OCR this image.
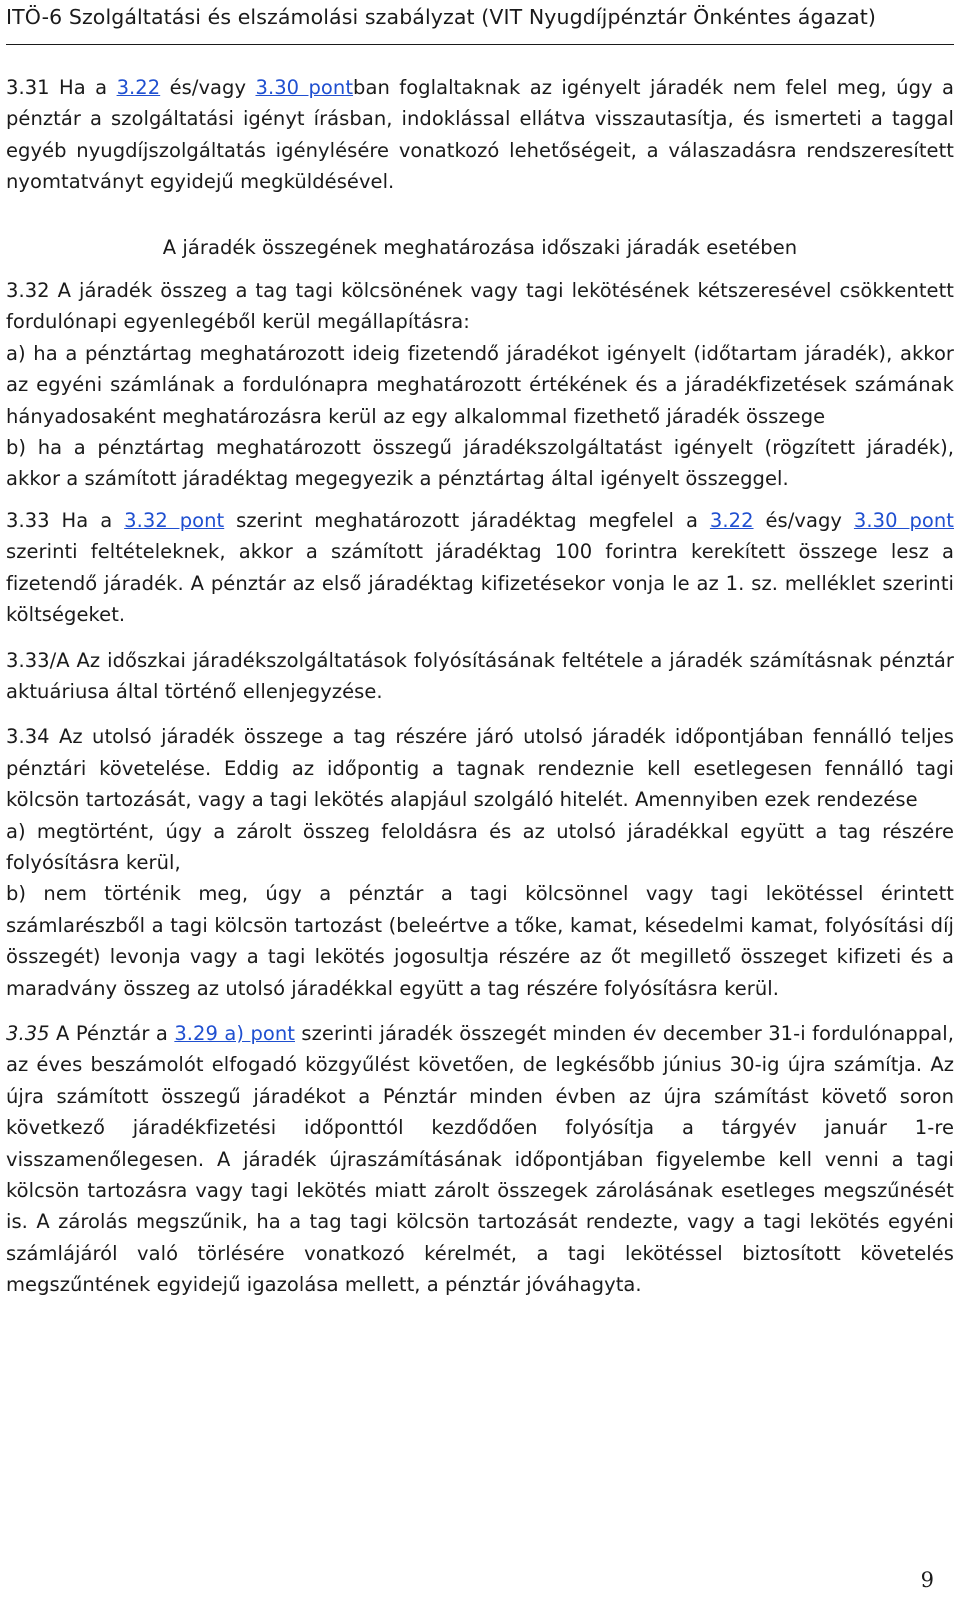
ITÖ-6 Szolgáltatási és elszámolási szabályzat (VIT Nyugdíjpénztár Önkéntes ágazat)

3.31 Ha a 3.22 és/vagy 3.30 pontban foglaltaknak az igényelt járadék nem felel meg, úgy a pénztár a szolgáltatási igényt írásban, indoklással ellátva visszautasítja, és ismerteti a taggal egyéb nyugdíjszolgáltatás igénylésére vonatkozó lehetőségeit, a válaszadásra rendszeresített nyomtatványt egyidejű megküldésével.

A járadék összegének meghatározása időszaki járadák esetében

3.32 A járadék összeg a tag tagi kölcsönének vagy tagi lekötésének kétszeresével csökkentett fordulónapi egyenlegéből kerül megállapításra:

a) ha a pénztártag meghatározott ideig fizetendő járadékot igényelt (időtartam járadék), akkor az egyéni számlának a fordulónapra meghatározott értékének és a járadékfizetések számának hányadosaként meghatározásra kerül az egy alkalommal fizethető járadék összege

b) ha a pénztártag meghatározott összegű járadékszolgáltatást igényelt (rögzített járadék), akkor a számított járadéktag megegyezik a pénztártag által igényelt összeggel.

3.33 Ha a 3.32 pont szerint meghatározott járadéktag megfelel a 3.22 és/vagy 3.30 pont szerinti feltételeknek, akkor a számított járadéktag 100 forintra kerekített összege lesz a fizetendő járadék. A pénztár az első járadéktag kifizetésekor vonja le az 1. sz. melléklet szerinti költségeket.

3.33/A Az időszkai járadékszolgáltatások folyósításának feltétele a járadék számításnak pénztár aktuáriusa által történő ellenjegyzése.

3.34 Az utolsó járadék összege a tag részére járó utolsó járadék időpontjában fennálló teljes pénztári követelése. Eddig az időpontig a tagnak rendeznie kell esetlegesen fennálló tagi kölcsön tartozását, vagy a tagi lekötés alapjául szolgáló hitelét. Amennyiben ezek rendezése

a) megtörtént, úgy a zárolt összeg feloldásra és az utolsó járadékkal együtt a tag részére folyósításra kerül,

b) nem történik meg, úgy a pénztár a tagi kölcsönnel vagy tagi lekötéssel érintett számlarészből a tagi kölcsön tartozást (beleértve a tőke, kamat, késedelmi kamat, folyósítási díj összegét) levonja vagy a tagi lekötés jogosultja részére az őt megillető összeget kifizeti és a maradvány összeg az utolsó járadékkal együtt a tag részére folyósításra kerül.

3.35 A Pénztár a 3.29 a) pont szerinti járadék összegét minden év december 31-i fordulónappal, az éves beszámolót elfogadó közgyűlést követően, de legkésőbb június 30-ig újra számítja. Az újra számított összegű járadékot a Pénztár minden évben az újra számítást követő soron következő járadékfizetési időponttól kezdődően folyósítja a tárgyév január 1-re visszamenőlegesen. A járadék újraszámításának időpontjában figyelembe kell venni a tagi kölcsön tartozásra vagy tagi lekötés miatt zárolt összegek zárolásának esetleges megszűnését is. A zárolás megszűnik, ha a tag tagi kölcsön tartozását rendezte, vagy a tagi lekötés egyéni számlájáról való törlésére vonatkozó kérelmét, a tagi lekötéssel biztosított követelés megszűntének egyidejű igazolása mellett, a pénztár jóváhagyta.

9
